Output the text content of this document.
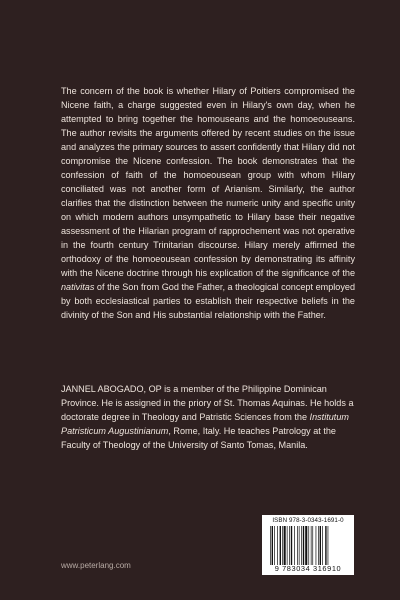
The concern of the book is whether Hilary of Poitiers compromised the Nicene faith, a charge suggested even in Hilary's own day, when he attempted to bring together the homouseans and the homoeouseans. The author revisits the arguments offered by recent studies on the issue and analyzes the primary sources to assert confidently that Hilary did not compromise the Nicene confession. The book demonstrates that the confession of faith of the homoeousean group with whom Hilary conciliated was not another form of Arianism. Similarly, the author clarifies that the distinction between the numeric unity and specific unity on which modern authors unsympathetic to Hilary base their negative assessment of the Hilarian program of rapprochement was not operative in the fourth century Trinitarian discourse. Hilary merely affirmed the orthodoxy of the homoeousean confession by demonstrating its affinity with the Nicene doctrine through his explication of the significance of the nativitas of the Son from God the Father, a theological concept employed by both ecclesiastical parties to establish their respective beliefs in the divinity of the Son and His substantial relationship with the Father.

JANNEL ABOGADO, OP is a member of the Philippine Dominican Province. He is assigned in the priory of St. Thomas Aquinas. He holds a doctorate degree in Theology and Patristic Sciences from the Institutum Patristicum Augustinianum, Rome, Italy. He teaches Patrology at the Faculty of Theology of the University of Santo Tomas, Manila.

www.peterlang.com
ISBN 978-3-0343-1691-0
9 783034 316910
